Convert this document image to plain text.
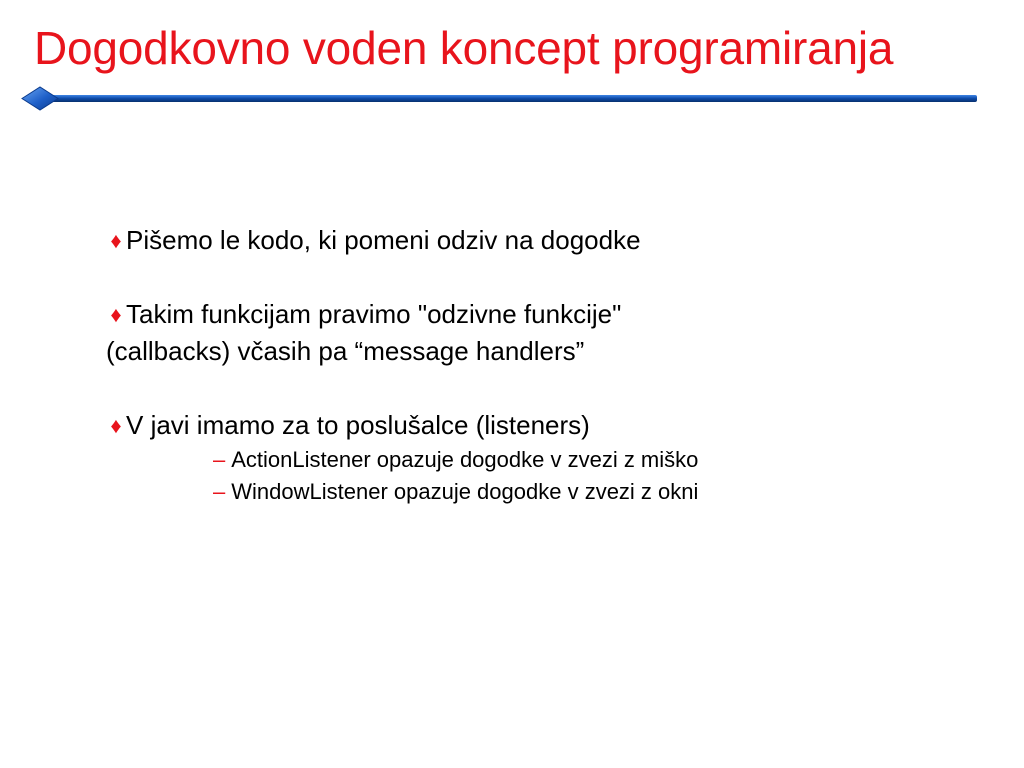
Dogodkovno voden koncept programiranja

♦ Pišemo le kodo, ki pomeni odziv na dogodke

♦ Takim funkcijam pravimo "odzivne funkcije"
(callbacks) včasih pa “message handlers”

♦ V javi imamo za to poslušalce (listeners)

– ActionListener opazuje dogodke v zvezi z miško

– WindowListener opazuje dogodke v zvezi z okni
